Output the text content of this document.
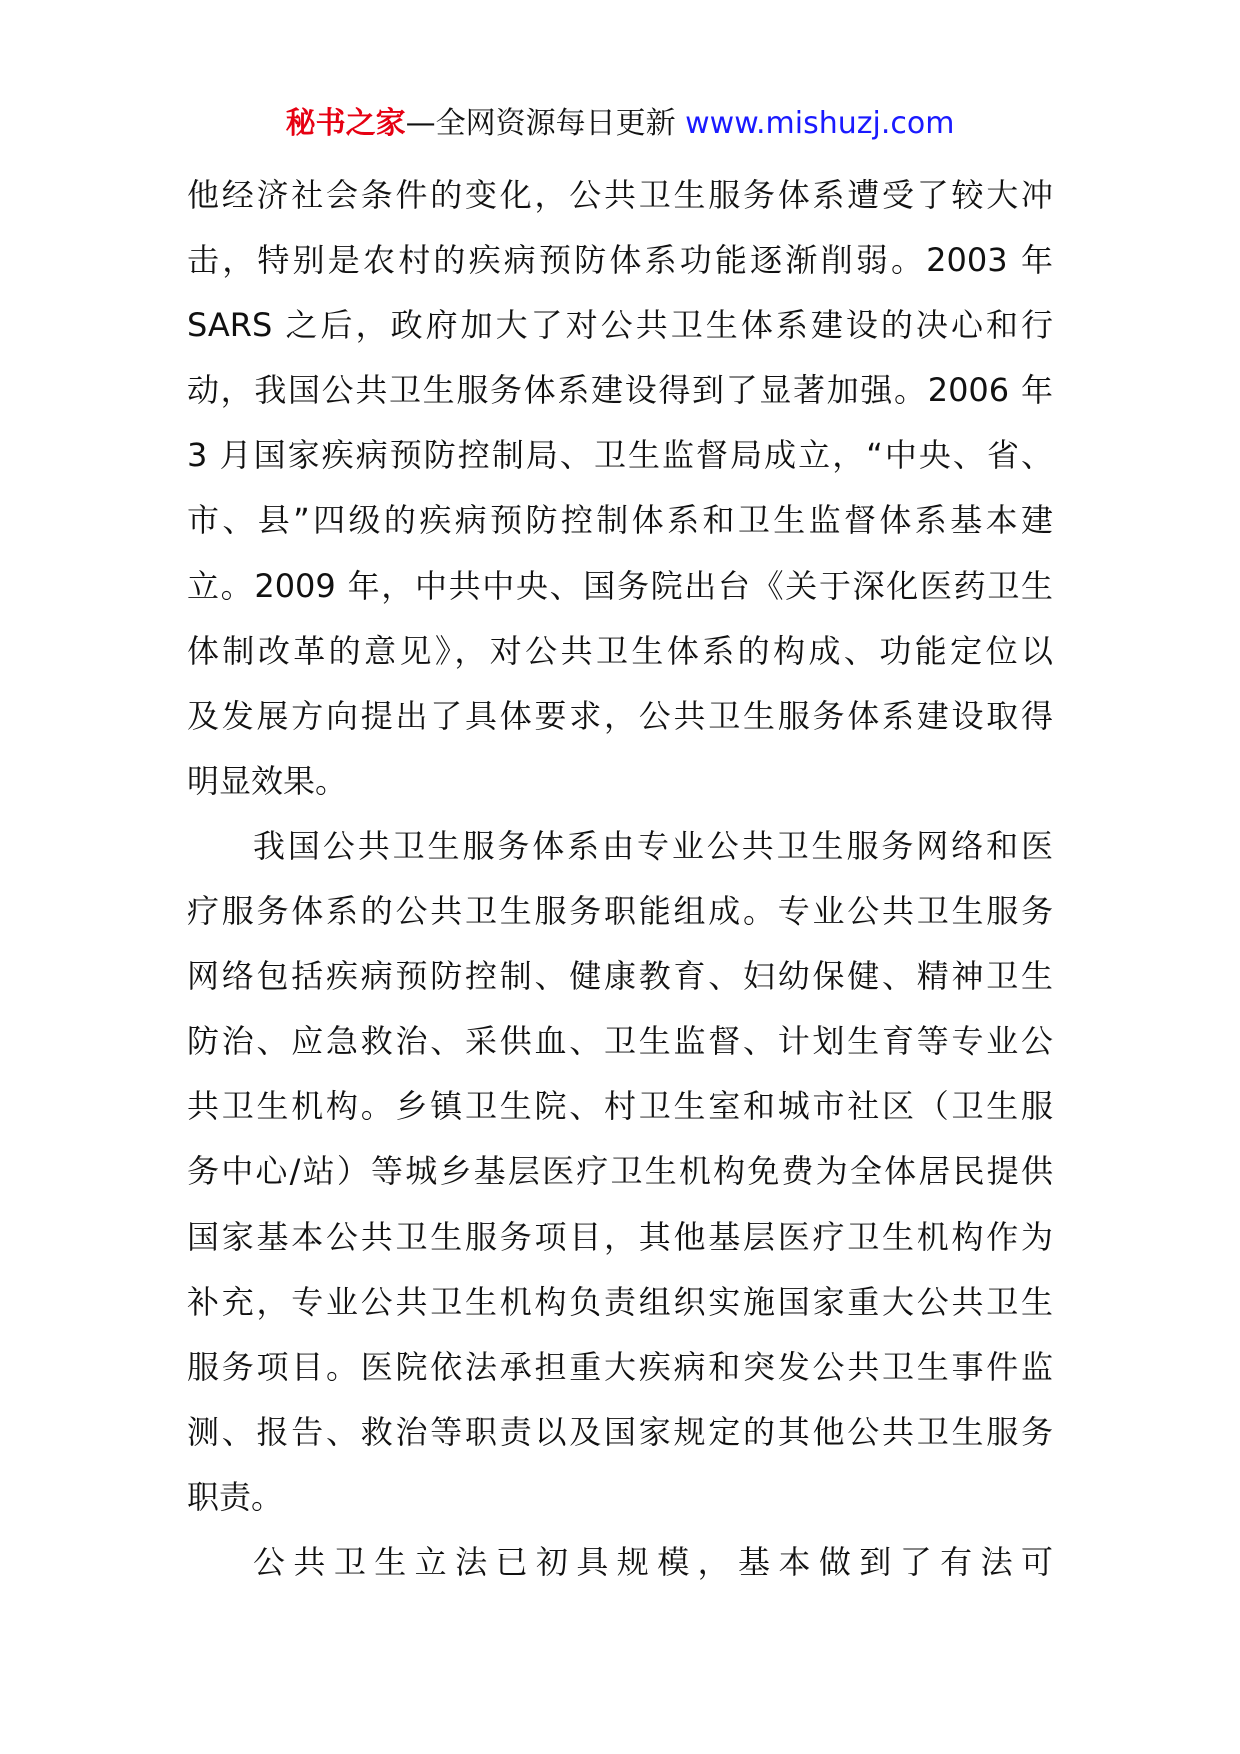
秘书之家—全网资源每日更新 www.mishuzj.com
他经济社会条件的变化，公共卫生服务体系遭受了较大冲
击，特别是农村的疾病预防体系功能逐渐削弱。2003 年
SARS 之后，政府加大了对公共卫生体系建设的决心和行
动，我国公共卫生服务体系建设得到了显著加强。2006 年
3 月国家疾病预防控制局、卫生监督局成立，“中央、省、
市、县”四级的疾病预防控制体系和卫生监督体系基本建
立。2009 年，中共中央、国务院出台《关于深化医药卫生
体制改革的意见》，对公共卫生体系的构成、功能定位以
及发展方向提出了具体要求，公共卫生服务体系建设取得
明显效果。
我国公共卫生服务体系由专业公共卫生服务网络和医
疗服务体系的公共卫生服务职能组成。专业公共卫生服务
网络包括疾病预防控制、健康教育、妇幼保健、精神卫生
防治、应急救治、采供血、卫生监督、计划生育等专业公
共卫生机构。乡镇卫生院、村卫生室和城市社区（卫生服
务中心/站）等城乡基层医疗卫生机构免费为全体居民提供
国家基本公共卫生服务项目，其他基层医疗卫生机构作为
补充，专业公共卫生机构负责组织实施国家重大公共卫生
服务项目。医院依法承担重大疾病和突发公共卫生事件监
测、报告、救治等职责以及国家规定的其他公共卫生服务
职责。
公共卫生立法已初具规模，基本做到了有法可
